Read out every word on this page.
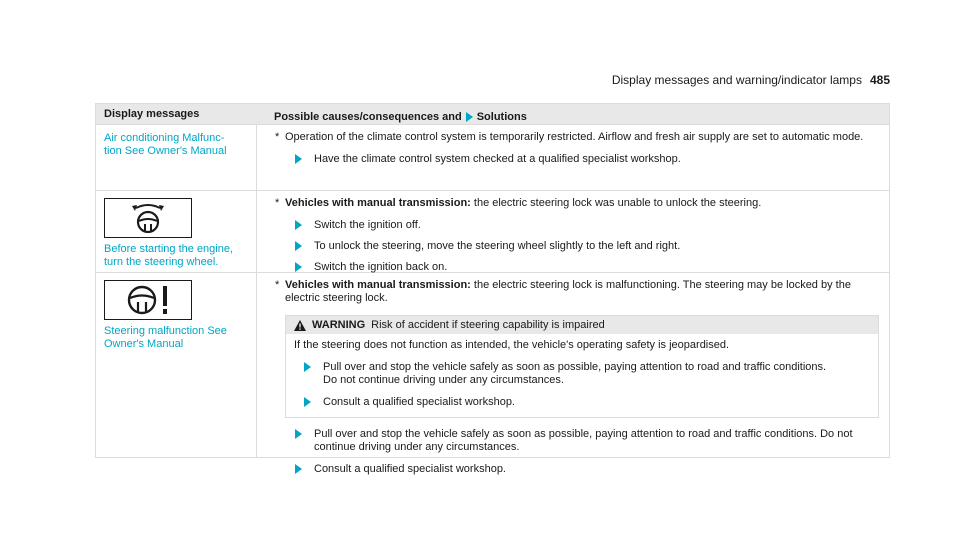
Display messages and warning/indicator lamps 485
Display messages	Possible causes/consequences and Solutions
Air conditioning Malfunc-
tion See Owner's Manual
* Operation of the climate control system is temporarily restricted. Airflow and fresh air supply are set to automatic mode.
Have the climate control system checked at a qualified specialist workshop.
Before starting the engine,
turn the steering wheel.
* Vehicles with manual transmission: the electric steering lock was unable to unlock the steering.
Switch the ignition off.
To unlock the steering, move the steering wheel slightly to the left and right.
Switch the ignition back on.
Steering malfunction See
Owner's Manual
* Vehicles with manual transmission: the electric steering lock is malfunctioning. The steering may be locked by the electric steering lock.
WARNING Risk of accident if steering capability is impaired
If the steering does not function as intended, the vehicle's operating safety is jeopardised.
Pull over and stop the vehicle safely as soon as possible, paying attention to road and traffic conditions.
Do not continue driving under any circumstances.
Consult a qualified specialist workshop.
Pull over and stop the vehicle safely as soon as possible, paying attention to road and traffic conditions. Do not continue driving under any circumstances.
Consult a qualified specialist workshop.
